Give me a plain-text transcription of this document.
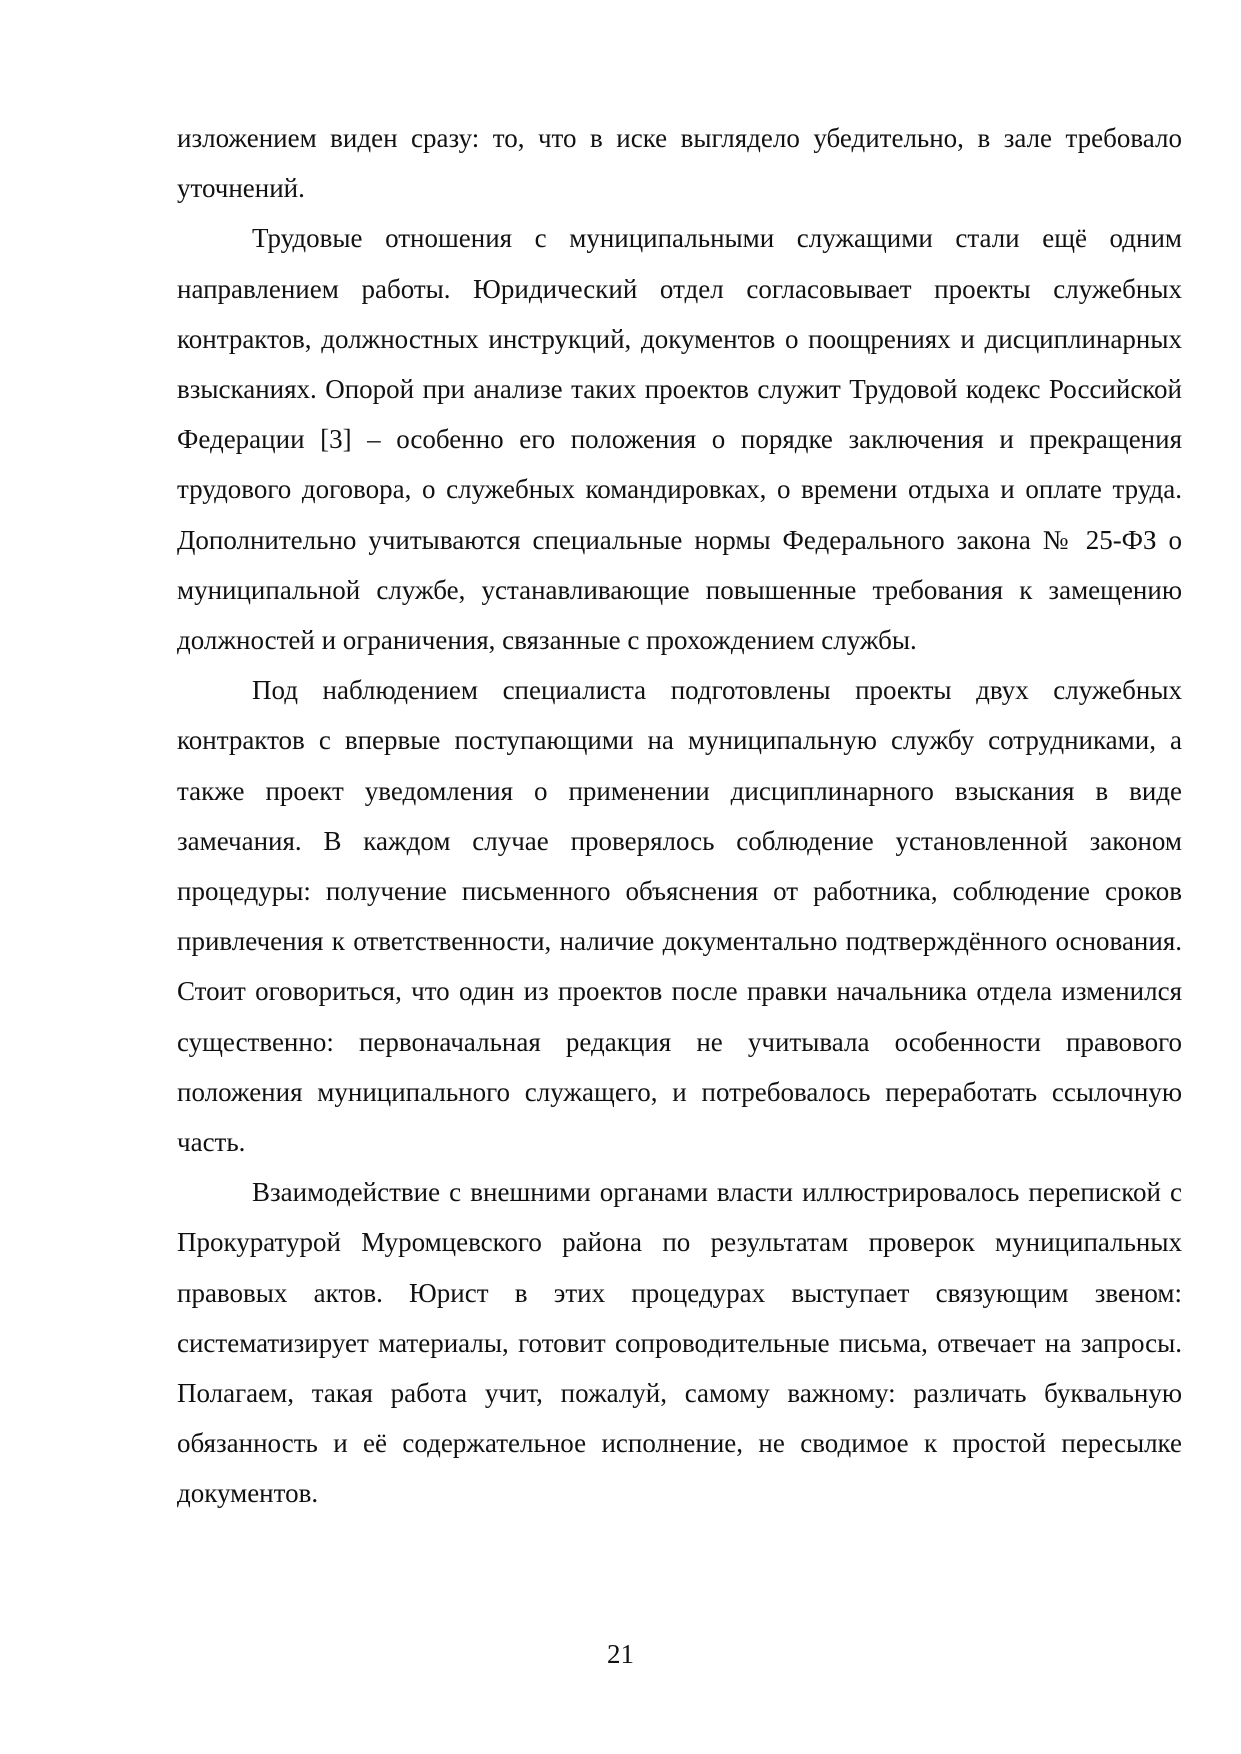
изложением виден сразу: то, что в иске выглядело убедительно, в зале требовало уточнений.

Трудовые отношения с муниципальными служащими стали ещё одним направлением работы. Юридический отдел согласовывает проекты служебных контрактов, должностных инструкций, документов о поощрениях и дисциплинарных взысканиях. Опорой при анализе таких проектов служит Трудовой кодекс Российской Федерации [3] – особенно его положения о порядке заключения и прекращения трудового договора, о служебных командировках, о времени отдыха и оплате труда. Дополнительно учитываются специальные нормы Федерального закона № 25-ФЗ о муниципальной службе, устанавливающие повышенные требования к замещению должностей и ограничения, связанные с прохождением службы.

Под наблюдением специалиста подготовлены проекты двух служебных контрактов с впервые поступающими на муниципальную службу сотрудниками, а также проект уведомления о применении дисциплинарного взыскания в виде замечания. В каждом случае проверялось соблюдение установленной законом процедуры: получение письменного объяснения от работника, соблюдение сроков привлечения к ответственности, наличие документально подтверждённого основания. Стоит оговориться, что один из проектов после правки начальника отдела изменился существенно: первоначальная редакция не учитывала особенности правового положения муниципального служащего, и потребовалось переработать ссылочную часть.

Взаимодействие с внешними органами власти иллюстрировалось перепиской с Прокуратурой Муромцевского района по результатам проверок муниципальных правовых актов. Юрист в этих процедурах выступает связующим звеном: систематизирует материалы, готовит сопроводительные письма, отвечает на запросы. Полагаем, такая работа учит, пожалуй, самому важному: различать буквальную обязанность и её содержательное исполнение, не сводимое к простой пересылке документов.

21
